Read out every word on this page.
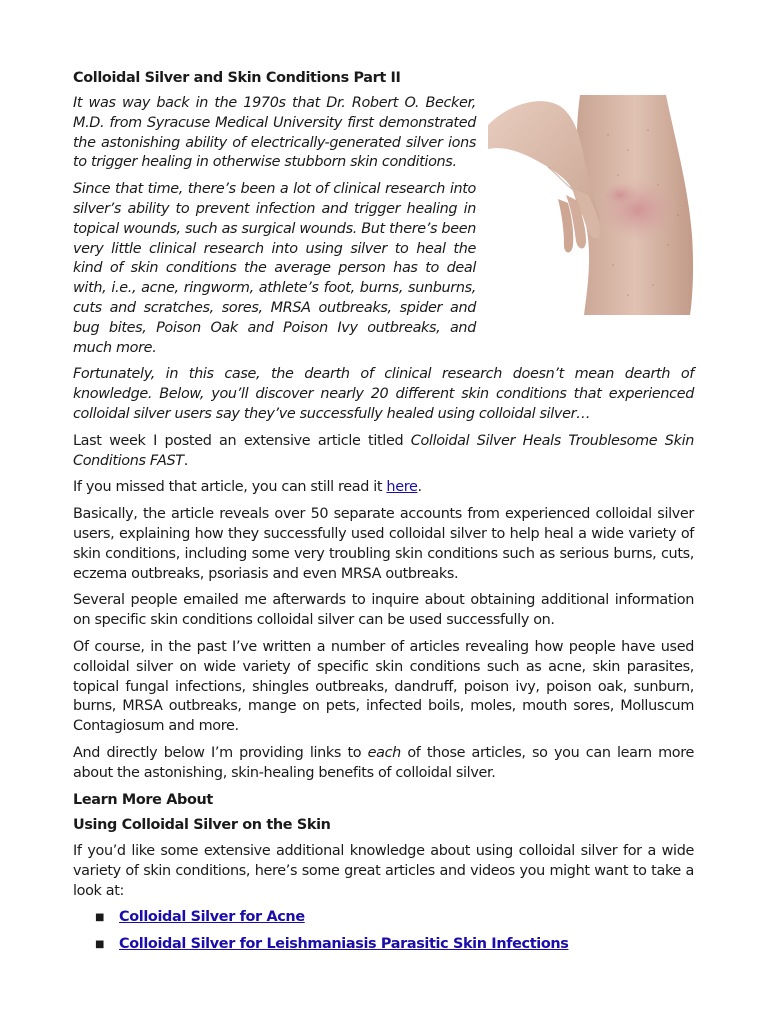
Colloidal Silver and Skin Conditions Part II

It was way back in the 1970s that Dr. Robert O. Becker, M.D. from Syracuse Medical University first demonstrated the astonishing ability of electrically-generated silver ions to trigger healing in otherwise stubborn skin conditions.

Since that time, there’s been a lot of clinical research into silver’s ability to prevent infection and trigger healing in topical wounds, such as surgical wounds. But there’s been very little clinical research into using silver to heal the kind of skin conditions the average person has to deal with, i.e., acne, ringworm, athlete’s foot, burns, sunburns, cuts and scratches, sores, MRSA outbreaks, spider and bug bites, Poison Oak and Poison Ivy outbreaks, and much more.

Fortunately, in this case, the dearth of clinical research doesn’t mean dearth of knowledge. Below, you’ll discover nearly 20 different skin conditions that experienced colloidal silver users say they’ve successfully healed using colloidal silver…

Last week I posted an extensive article titled Colloidal Silver Heals Troublesome Skin Conditions FAST.

If you missed that article, you can still read it here.

Basically, the article reveals over 50 separate accounts from experienced colloidal silver users, explaining how they successfully used colloidal silver to help heal a wide variety of skin conditions, including some very troubling skin conditions such as serious burns, cuts, eczema outbreaks, psoriasis and even MRSA outbreaks.

Several people emailed me afterwards to inquire about obtaining additional information on specific skin conditions colloidal silver can be used successfully on.

Of course, in the past I’ve written a number of articles revealing how people have used colloidal silver on wide variety of specific skin conditions such as acne, skin parasites, topical fungal infections, shingles outbreaks, dandruff, poison ivy, poison oak, sunburn, burns, MRSA outbreaks, mange on pets, infected boils, moles, mouth sores, Molluscum Contagiosum and more.

And directly below I’m providing links to each of those articles, so you can learn more about the astonishing, skin-healing benefits of colloidal silver.

Learn More About
Using Colloidal Silver on the Skin

If you’d like some extensive additional knowledge about using colloidal silver for a wide variety of skin conditions, here’s some great articles and videos you might want to take a look at:

■ Colloidal Silver for Acne
■ Colloidal Silver for Leishmaniasis Parasitic Skin Infections
